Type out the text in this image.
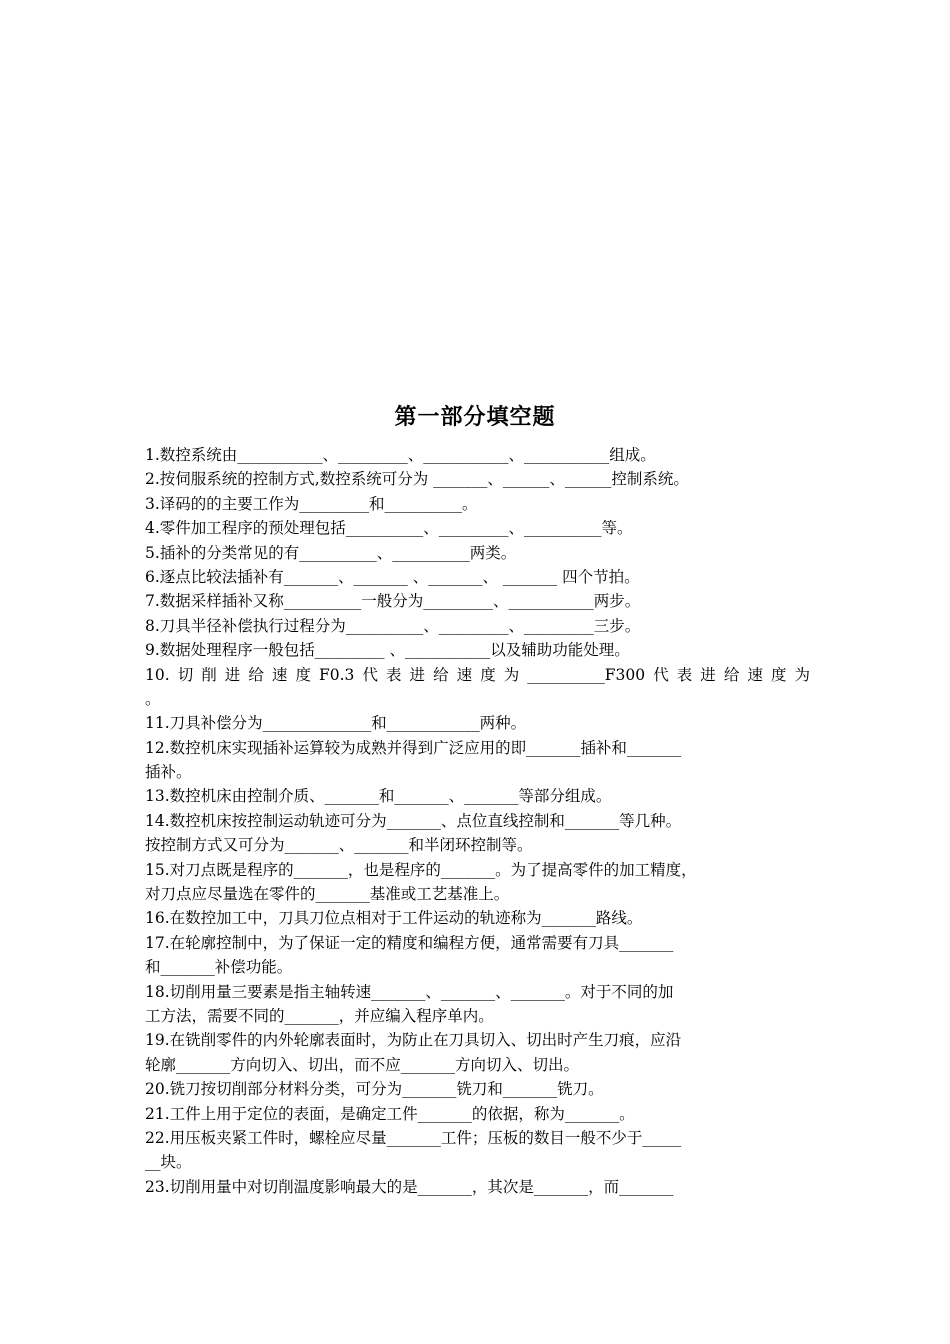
第一部分填空题
1.数控系统由___________、_________、___________、___________组成。
2.按伺服系统的控制方式,数控系统可分为 _______、______、______控制系统。
3.译码的的主要工作为_________和__________。
4.零件加工程序的预处理包括__________、_________、__________等。
5.插补的分类常见的有__________、__________两类。
6.逐点比较法插补有_______、_______ 、_______、 _______ 四个节拍。
7.数据采样插补又称__________一般分为_________、___________两步。
8.刀具半径补偿执行过程分为__________、_________、_________三步。
9.数据处理程序一般包括_________ 、___________以及辅助功能处理。
10.切削进给速度F0.3代表进给速度为__________F300代表进给速度为
。
11.刀具补偿分为______________和____________两种。
12.数控机床实现插补运算较为成熟并得到广泛应用的即_______插补和_______
插补。
13.数控机床由控制介质、_______和_______、_______等部分组成。
14.数控机床按控制运动轨迹可分为_______、点位直线控制和_______等几种。
按控制方式又可分为_______、_______和半闭环控制等。
15.对刀点既是程序的_______，也是程序的_______。为了提高零件的加工精度，
对刀点应尽量选在零件的_______基准或工艺基准上。
16.在数控加工中，刀具刀位点相对于工件运动的轨迹称为_______路线。
17.在轮廓控制中，为了保证一定的精度和编程方便，通常需要有刀具_______
和_______补偿功能。
18.切削用量三要素是指主轴转速_______、_______、_______。对于不同的加
工方法，需要不同的_______，并应编入程序单内。
19.在铣削零件的内外轮廓表面时，为防止在刀具切入、切出时产生刀痕，应沿
轮廓_______方向切入、切出，而不应_______方向切入、切出。
20.铣刀按切削部分材料分类，可分为_______铣刀和_______铣刀。
21.工件上用于定位的表面，是确定工件_______的依据，称为_______。
22.用压板夹紧工件时，螺栓应尽量_______工件；压板的数目一般不少于_____
__块。
23.切削用量中对切削温度影响最大的是_______，其次是_______，而_______
